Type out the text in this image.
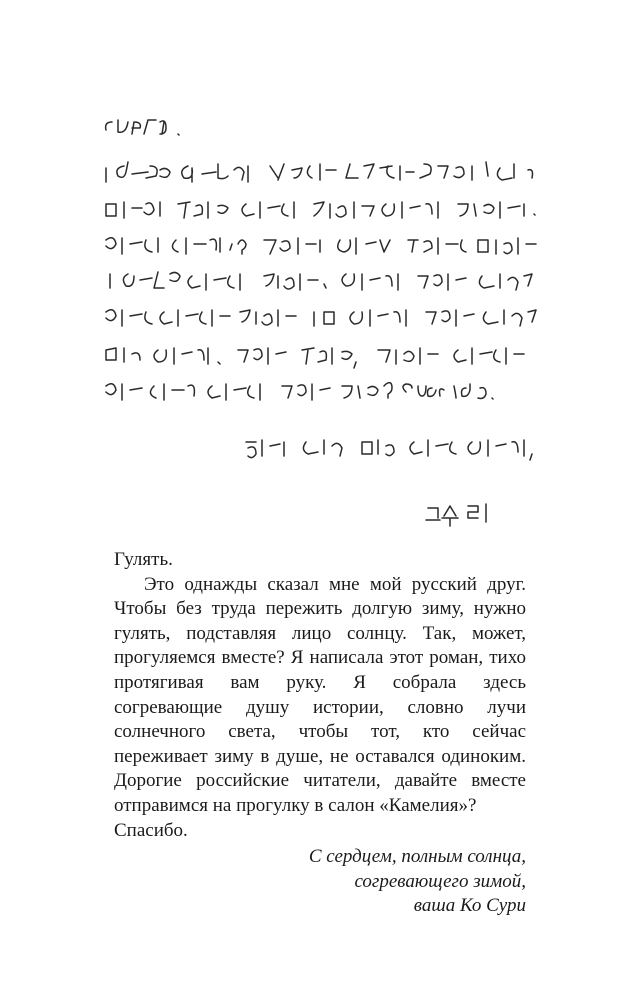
Гулять.

Это однажды сказал мне мой русский друг. Чтобы без труда пережить долгую зиму, нужно гулять, подставляя лицо солнцу. Так, может, прогуляемся вместе? Я написала этот роман, тихо протягивая вам руку. Я собрала здесь согревающие душу истории, словно лучи солнечного света, чтобы тот, кто сейчас переживает зиму в душе, не оставался одиноким. Дорогие российские читатели, давайте вместе отправимся на прогулку в салон «Камелия»?

Спасибо.

С сердцем, полным солнца,
согревающего зимой,
ваша Ко Сури
